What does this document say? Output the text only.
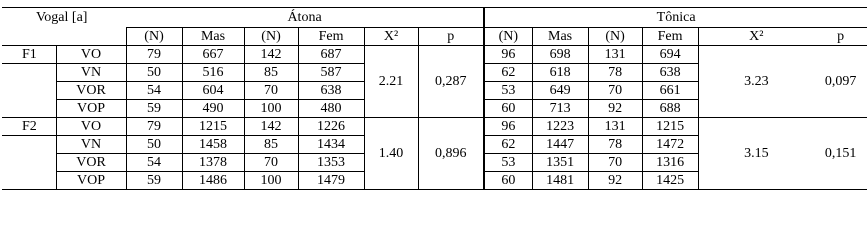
Vogal [a]		Átona						Tônica					
		(N)	Mas	(N)	Fem	X²	p	(N)	Mas	(N)	Fem	X²	p
F1	VO	79	667	142	687	2.21	0,287	96	698	131	694	3.23	0,097
	VN	50	516	85	587			62	618	78	638		
	VOR	54	604	70	638			53	649	70	661		
	VOP	59	490	100	480			60	713	92	688		
F2	VO	79	1215	142	1226	1.40	0,896	96	1223	131	1215	3.15	0,151
	VN	50	1458	85	1434			62	1447	78	1472		
	VOR	54	1378	70	1353			53	1351	70	1316		
	VOP	59	1486	100	1479			60	1481	92	1425		
